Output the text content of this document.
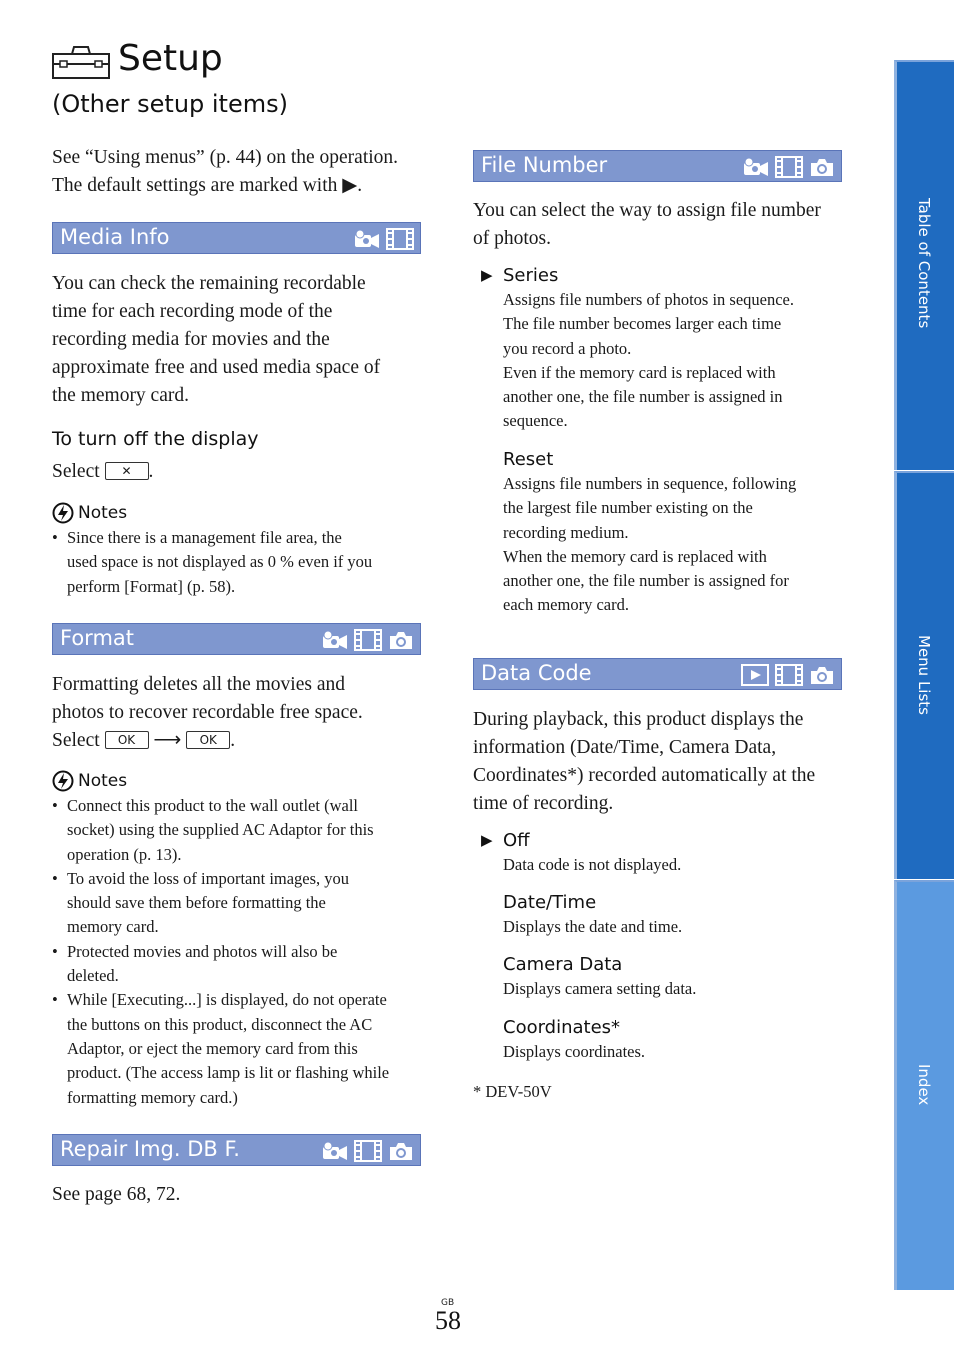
Setup
(Other setup items)
See “Using menus” (p. 44) on the operation.
The default settings are marked with ▶.
Media Info
You can check the remaining recordable
time for each recording mode of the
recording media for movies and the
approximate free and used media space of
the memory card.
To turn off the display
Select ✕ .
Notes
• Since there is a management file area, the
used space is not displayed as 0 % even if you
perform [Format] (p. 58).
Format
Formatting deletes all the movies and
photos to recover recordable free space.
Select OK ⟶ OK .
Notes
• Connect this product to the wall outlet (wall
socket) using the supplied AC Adaptor for this
operation (p. 13).
• To avoid the loss of important images, you
should save them before formatting the
memory card.
• Protected movies and photos will also be
deleted.
• While [Executing...] is displayed, do not operate
the buttons on this product, disconnect the AC
Adaptor, or eject the memory card from this
product. (The access lamp is lit or flashing while
formatting memory card.)
Repair Img. DB F.
See page 68, 72.
File Number
You can select the way to assign file number
of photos.
▶ Series
Assigns file numbers of photos in sequence.
The file number becomes larger each time
you record a photo.
Even if the memory card is replaced with
another one, the file number is assigned in
sequence.
Reset
Assigns file numbers in sequence, following
the largest file number existing on the
recording medium.
When the memory card is replaced with
another one, the file number is assigned for
each memory card.
Data Code
During playback, this product displays the
information (Date/Time, Camera Data,
Coordinates*) recorded automatically at the
time of recording.
▶ Off
Data code is not displayed.
Date/Time
Displays the date and time.
Camera Data
Displays camera setting data.
Coordinates*
Displays coordinates.
* DEV-50V
Table of Contents
Menu Lists
Index
GB
58
